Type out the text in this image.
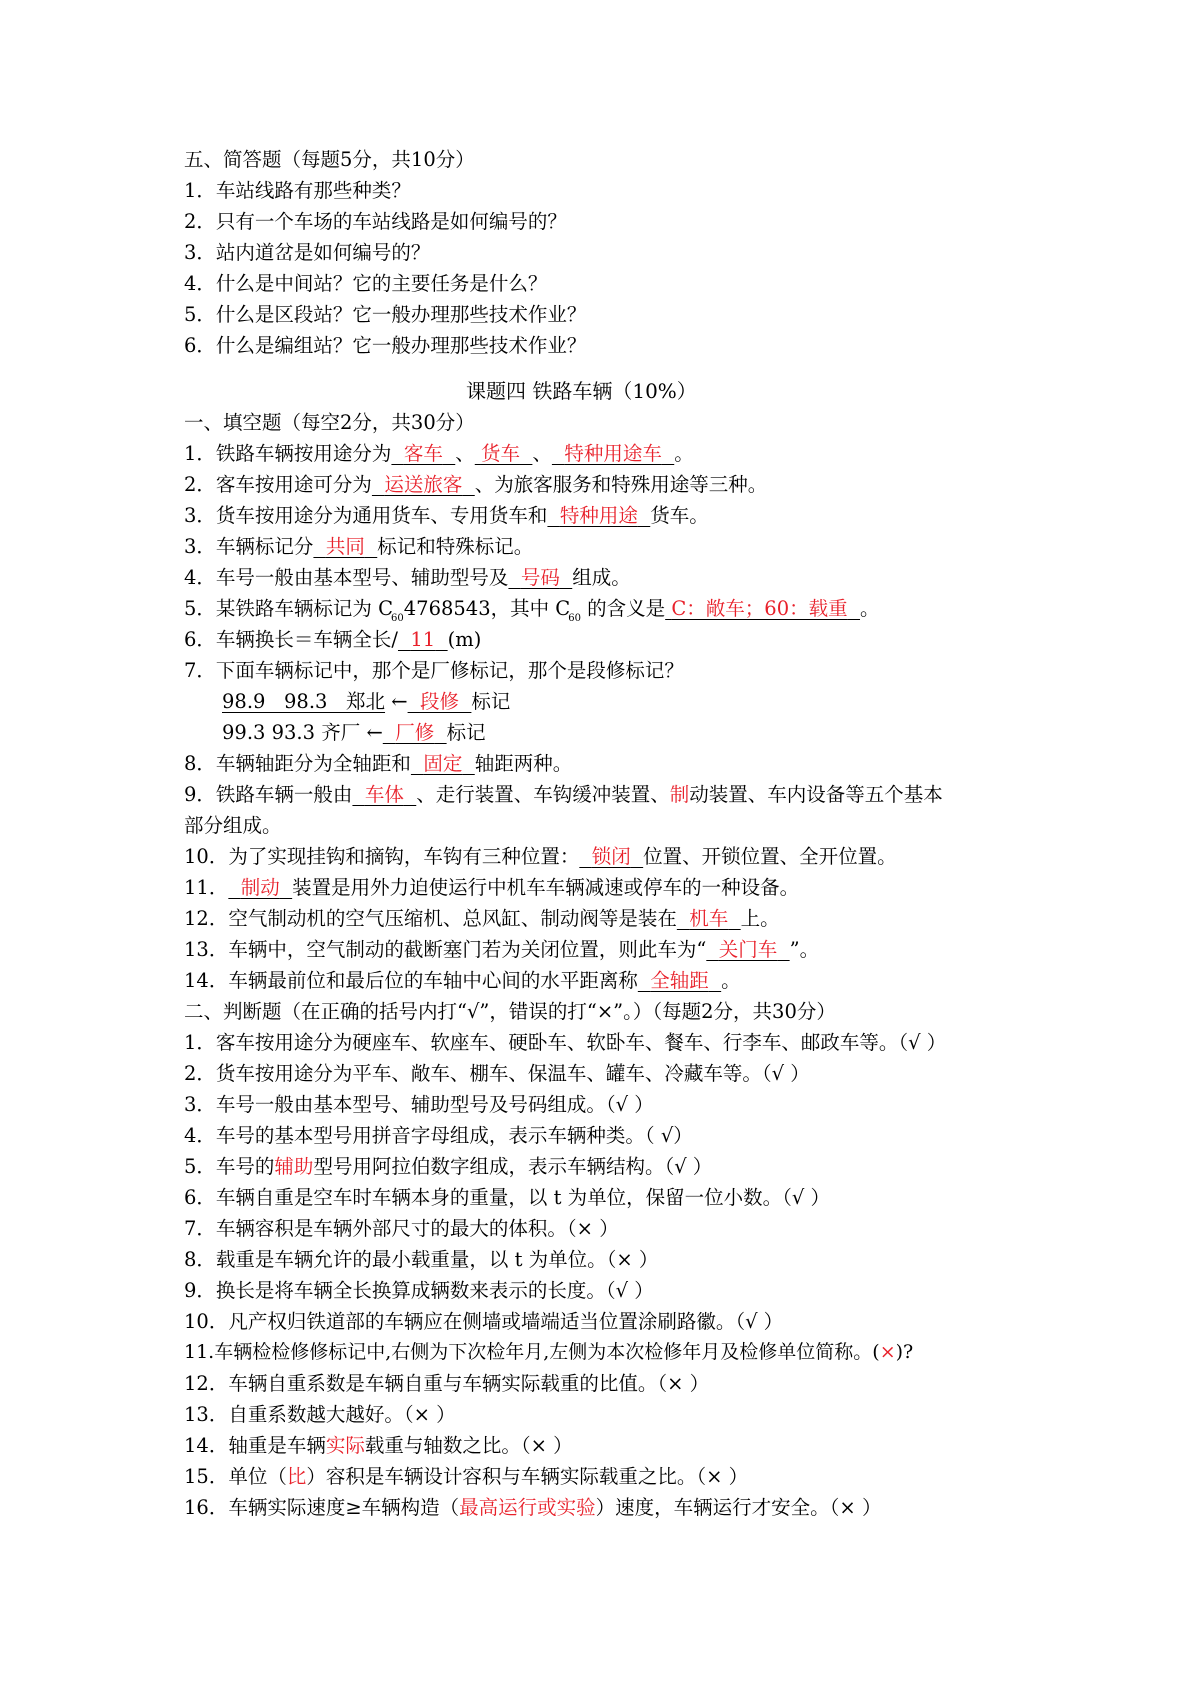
五、简答题（每题5分，共10分）
1．车站线路有那些种类？
2．只有一个车场的车站线路是如何编号的？
3．站内道岔是如何编号的？
4．什么是中间站？它的主要任务是什么？
5．什么是区段站？它一般办理那些技术作业？
6．什么是编组站？它一般办理那些技术作业？
课题四 铁路车辆（10%）
一、填空题（每空2分，共30分）
1．铁路车辆按用途分为 客车 、 货车 、 特种用途车 。
2．客车按用途可分为 运送旅客 、为旅客服务和特殊用途等三种。
3．货车按用途分为通用货车、专用货车和 特种用途 货车。
3．车辆标记分 共同 标记和特殊标记。
4．车号一般由基本型号、辅助型号及 号码 组成。
5．某铁路车辆标记为 $C_{60}4768543$，其中 $C_{60}$ 的含义是 C：敞车；60：载重 。
6．车辆换长＝车辆全长/ 11 (m)
7．下面车辆标记中，那个是厂修标记，那个是段修标记？
98.9   98.3   郑北 ← 段修 标记
99.3 93.3 齐厂 ← 厂修 标记
8．车辆轴距分为全轴距和 固定 轴距两种。
9．铁路车辆一般由 车体 、走行装置、车钩缓冲装置、制动装置、车内设备等五个基本
部分组成。
10．为了实现挂钩和摘钩，车钩有三种位置： 锁闭 位置、开锁位置、全开位置。
11． 制动 装置是用外力迫使运行中机车车辆减速或停车的一种设备。
12．空气制动机的空气压缩机、总风缸、制动阀等是装在 机车 上。
13．车辆中，空气制动的截断塞门若为关闭位置，则此车为“ 关门车 ”。
14．车辆最前位和最后位的车轴中心间的水平距离称 全轴距 。
二、判断题（在正确的括号内打“√”，错误的打“×”。）（每题2分，共30分）
1．客车按用途分为硬座车、软座车、硬卧车、软卧车、餐车、行李车、邮政车等。（√ ）
2．货车按用途分为平车、敞车、棚车、保温车、罐车、冷藏车等。（√ ）
3．车号一般由基本型号、辅助型号及号码组成。（√ ）
4．车号的基本型号用拼音字母组成，表示车辆种类。（ √）
5．车号的辅助型号用阿拉伯数字组成，表示车辆结构。（√ ）
6．车辆自重是空车时车辆本身的重量，以 t 为单位，保留一位小数。（√ ）
7．车辆容积是车辆外部尺寸的最大的体积。（× ）
8．载重是车辆允许的最小载重量，以 t 为单位。（× ）
9．换长是将车辆全长换算成辆数来表示的长度。（√ ）
10．凡产权归铁道部的车辆应在侧墙或墙端适当位置涂刷路徽。（√ ）
11.车辆检检修修标记中,右侧为下次检年月,左侧为本次检修年月及检修单位简称。(×)?
12．车辆自重系数是车辆自重与车辆实际载重的比值。（× ）
13．自重系数越大越好。（× ）
14．轴重是车辆实际载重与轴数之比。（× ）
15．单位（比）容积是车辆设计容积与车辆实际载重之比。（× ）
16．车辆实际速度≥车辆构造（最高运行或实验）速度，车辆运行才安全。（× ）
